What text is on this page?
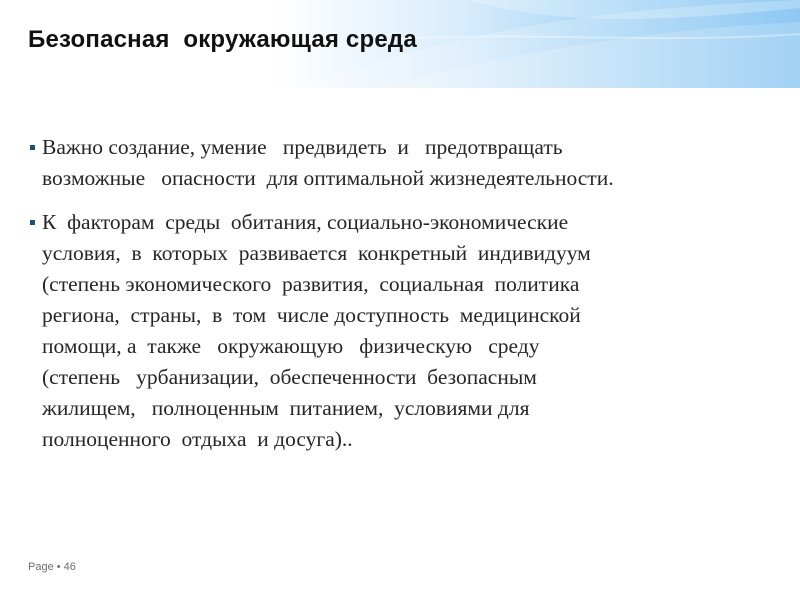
Безопасная  окружающая среда
Важно создание, умение   предвидеть  и   предотвращать
возможные   опасности  для оптимальной жизнедеятельности.
К  факторам  среды  обитания, социально-экономические
условия,  в  которых  развивается  конкретный  индивидуум
(степень экономического  развития,  социальная  политика
региона,  страны,  в  том  числе доступность  медицинской
помощи, а  также   окружающую   физическую   среду
(степень   урбанизации,  обеспеченности  безопасным
жилищем,   полноценным  питанием,  условиями для
полноценного  отдыха  и досуга)..
Page • 46
